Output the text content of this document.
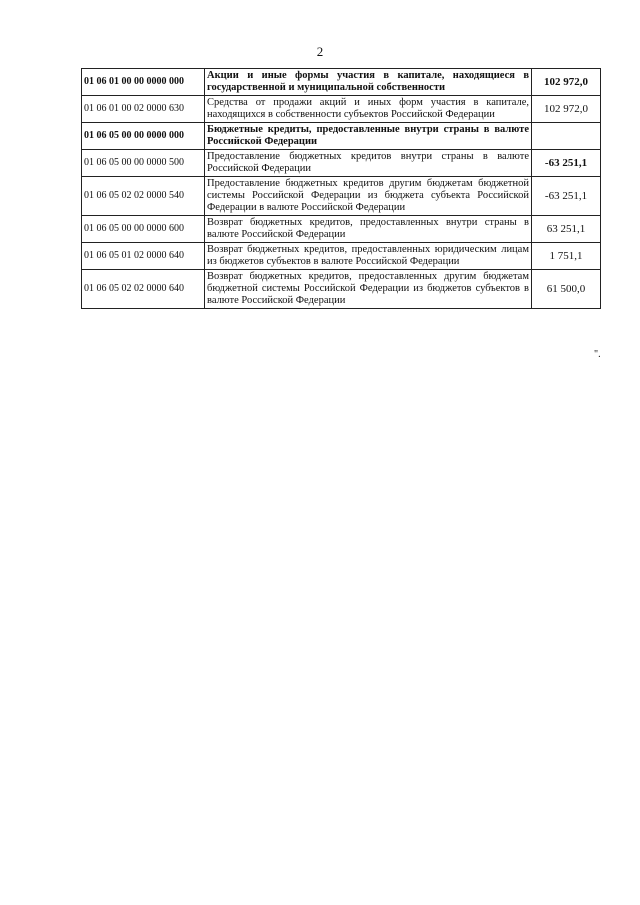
2
01 06 01 00 00 0000 000	Акции и иные формы участия в капитале, находящиеся в государственной и муниципальной собственности	102 972,0
01 06 01 00 02 0000 630	Средства от продажи акций и иных форм участия в капитале, находящихся в собственности субъектов Российской Федерации	102 972,0
01 06 05 00 00 0000 000	Бюджетные кредиты, предоставленные внутри страны в валюте Российской Федерации	
01 06 05 00 00 0000 500	Предоставление бюджетных кредитов внутри страны в валюте Российской Федерации	-63 251,1
01 06 05 02 02 0000 540	Предоставление бюджетных кредитов другим бюджетам бюджетной системы Российской Федерации из бюджета субъекта Российской Федерации в валюте Российской Федерации	-63 251,1
01 06 05 00 00 0000 600	Возврат бюджетных кредитов, предоставленных внутри страны в валюте Российской Федерации	63 251,1
01 06 05 01 02 0000 640	Возврат бюджетных кредитов, предоставленных юридическим лицам из бюджетов субъектов в валюте Российской Федерации	1 751,1
01 06 05 02 02 0000 640	Возврат бюджетных кредитов, предоставленных другим бюджетам бюджетной системы Российской Федерации из бюджетов субъектов в валюте Российской Федерации	61 500,0
".
